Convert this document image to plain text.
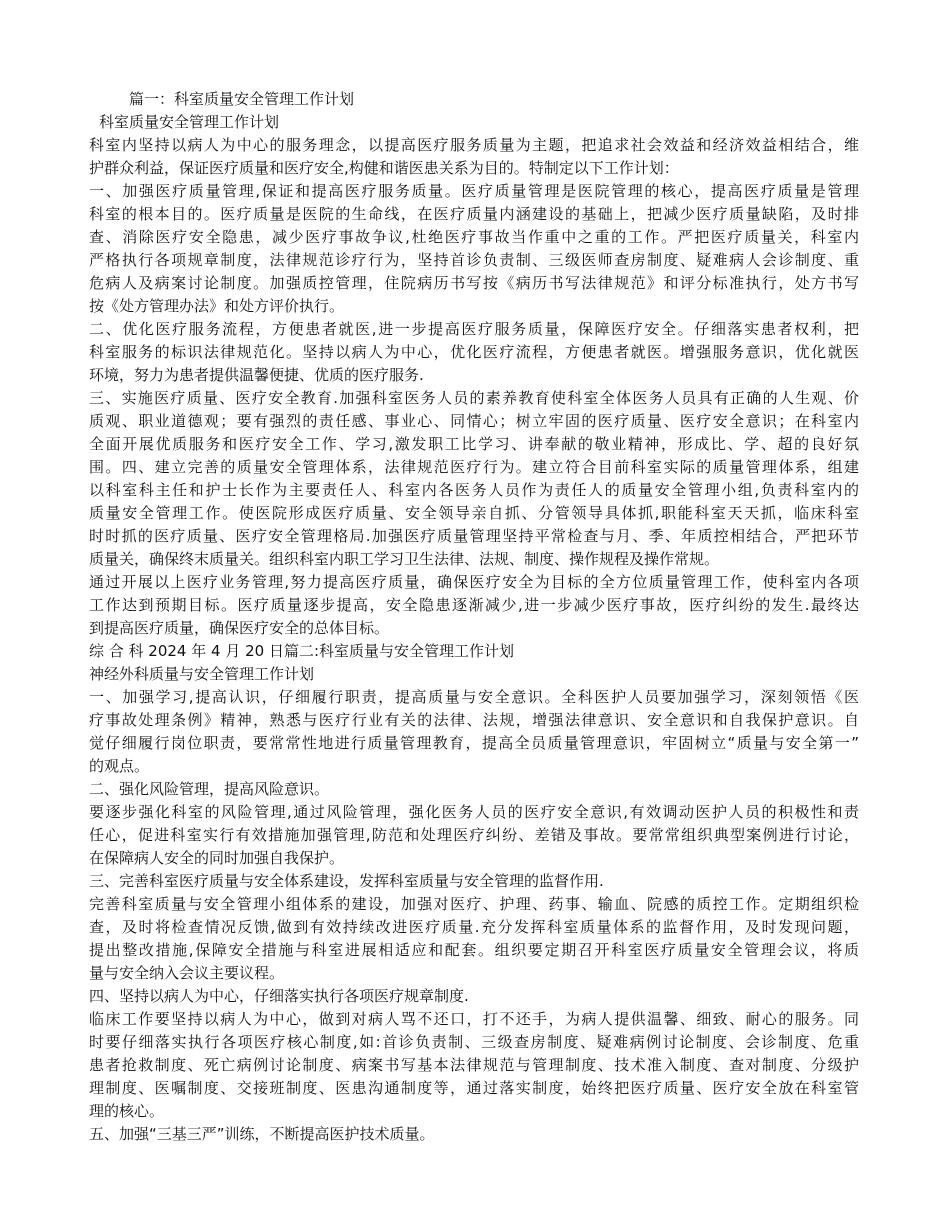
篇一：科室质量安全管理工作计划
科室质量安全管理工作计划
科室内坚持以病人为中心的服务理念，以提高医疗服务质量为主题，把追求社会效益和经济效益相结合，维
护群众利益，保证医疗质量和医疗安全,构健和谐医患关系为目的。特制定以下工作计划：
一、加强医疗质量管理,保证和提高医疗服务质量。医疗质量管理是医院管理的核心，提高医疗质量是管理
科室的根本目的。医疗质量是医院的生命线，在医疗质量内涵建设的基础上，把减少医疗质量缺陷，及时排
查、消除医疗安全隐患，减少医疗事故争议,杜绝医疗事故当作重中之重的工作。严把医疗质量关，科室内
严格执行各项规章制度，法律规范诊疗行为，坚持首诊负责制、三级医师查房制度、疑难病人会诊制度、重
危病人及病案讨论制度。加强质控管理，住院病历书写按《病历书写法律规范》和评分标准执行，处方书写
按《处方管理办法》和处方评价执行。
二、优化医疗服务流程，方便患者就医,进一步提高医疗服务质量，保障医疗安全。仔细落实患者权利，把
科室服务的标识法律规范化。坚持以病人为中心，优化医疗流程，方便患者就医。增强服务意识，优化就医
环境，努力为患者提供温馨便捷、优质的医疗服务.
三、实施医疗质量、医疗安全教育.加强科室医务人员的素养教育使科室全体医务人员具有正确的人生观、价
质观、职业道德观；要有强烈的责任感、事业心、同情心；树立牢固的医疗质量、医疗安全意识；在科室内
全面开展优质服务和医疗安全工作、学习,激发职工比学习、讲奉献的敬业精神，形成比、学、超的良好氛
围。四、建立完善的质量安全管理体系，法律规范医疗行为。建立符合目前科室实际的质量管理体系，组建
以科室科主任和护士长作为主要责任人、科室内各医务人员作为责任人的质量安全管理小组,负责科室内的
质量安全管理工作。使医院形成医疗质量、安全领导亲自抓、分管领导具体抓,职能科室天天抓，临床科室
时时抓的医疗质量、医疗安全管理格局.加强医疗质量管理坚持平常检查与月、季、年质控相结合，严把环节
质量关，确保终末质量关。组织科室内职工学习卫生法律、法规、制度、操作规程及操作常规。
通过开展以上医疗业务管理,努力提高医疗质量，确保医疗安全为目标的全方位质量管理工作，使科室内各项
工作达到预期目标。医疗质量逐步提高，安全隐患逐渐减少,进一步减少医疗事故，医疗纠纷的发生.最终达
到提高医疗质量，确保医疗安全的总体目标。
综 合 科 2024 年 4 月 20 日篇二:科室质量与安全管理工作计划
神经外科质量与安全管理工作计划
一、加强学习,提高认识，仔细履行职责，提高质量与安全意识。全科医护人员要加强学习，深刻领悟《医
疗事故处理条例》精神，熟悉与医疗行业有关的法律、法规，增强法律意识、安全意识和自我保护意识。自
觉仔细履行岗位职责，要常常性地进行质量管理教育，提高全员质量管理意识，牢固树立“质量与安全第一”
的观点。
二、强化风险管理，提高风险意识。
要逐步强化科室的风险管理,通过风险管理，强化医务人员的医疗安全意识,有效调动医护人员的积极性和责
任心，促进科室实行有效措施加强管理,防范和处理医疗纠纷、差错及事故。要常常组织典型案例进行讨论，
在保障病人安全的同时加强自我保护。
三、完善科室医疗质量与安全体系建设，发挥科室质量与安全管理的监督作用.
完善科室质量与安全管理小组体系的建设，加强对医疗、护理、药事、输血、院感的质控工作。定期组织检
查，及时将检查情况反馈,做到有效持续改进医疗质量.充分发挥科室质量体系的监督作用，及时发现问题，
提出整改措施,保障安全措施与科室进展相适应和配套。组织要定期召开科室医疗质量安全管理会议，将质
量与安全纳入会议主要议程。
四、坚持以病人为中心，仔细落实执行各项医疗规章制度.
临床工作要坚持以病人为中心，做到对病人骂不还口，打不还手，为病人提供温馨、细致、耐心的服务。同
时要仔细落实执行各项医疗核心制度,如:首诊负责制、三级查房制度、疑难病例讨论制度、会诊制度、危重
患者抢救制度、死亡病例讨论制度、病案书写基本法律规范与管理制度、技术准入制度、查对制度、分级护
理制度、医嘱制度、交接班制度、医患沟通制度等，通过落实制度，始终把医疗质量、医疗安全放在科室管
理的核心。
五、加强“三基三严”训练，不断提高医护技术质量。
